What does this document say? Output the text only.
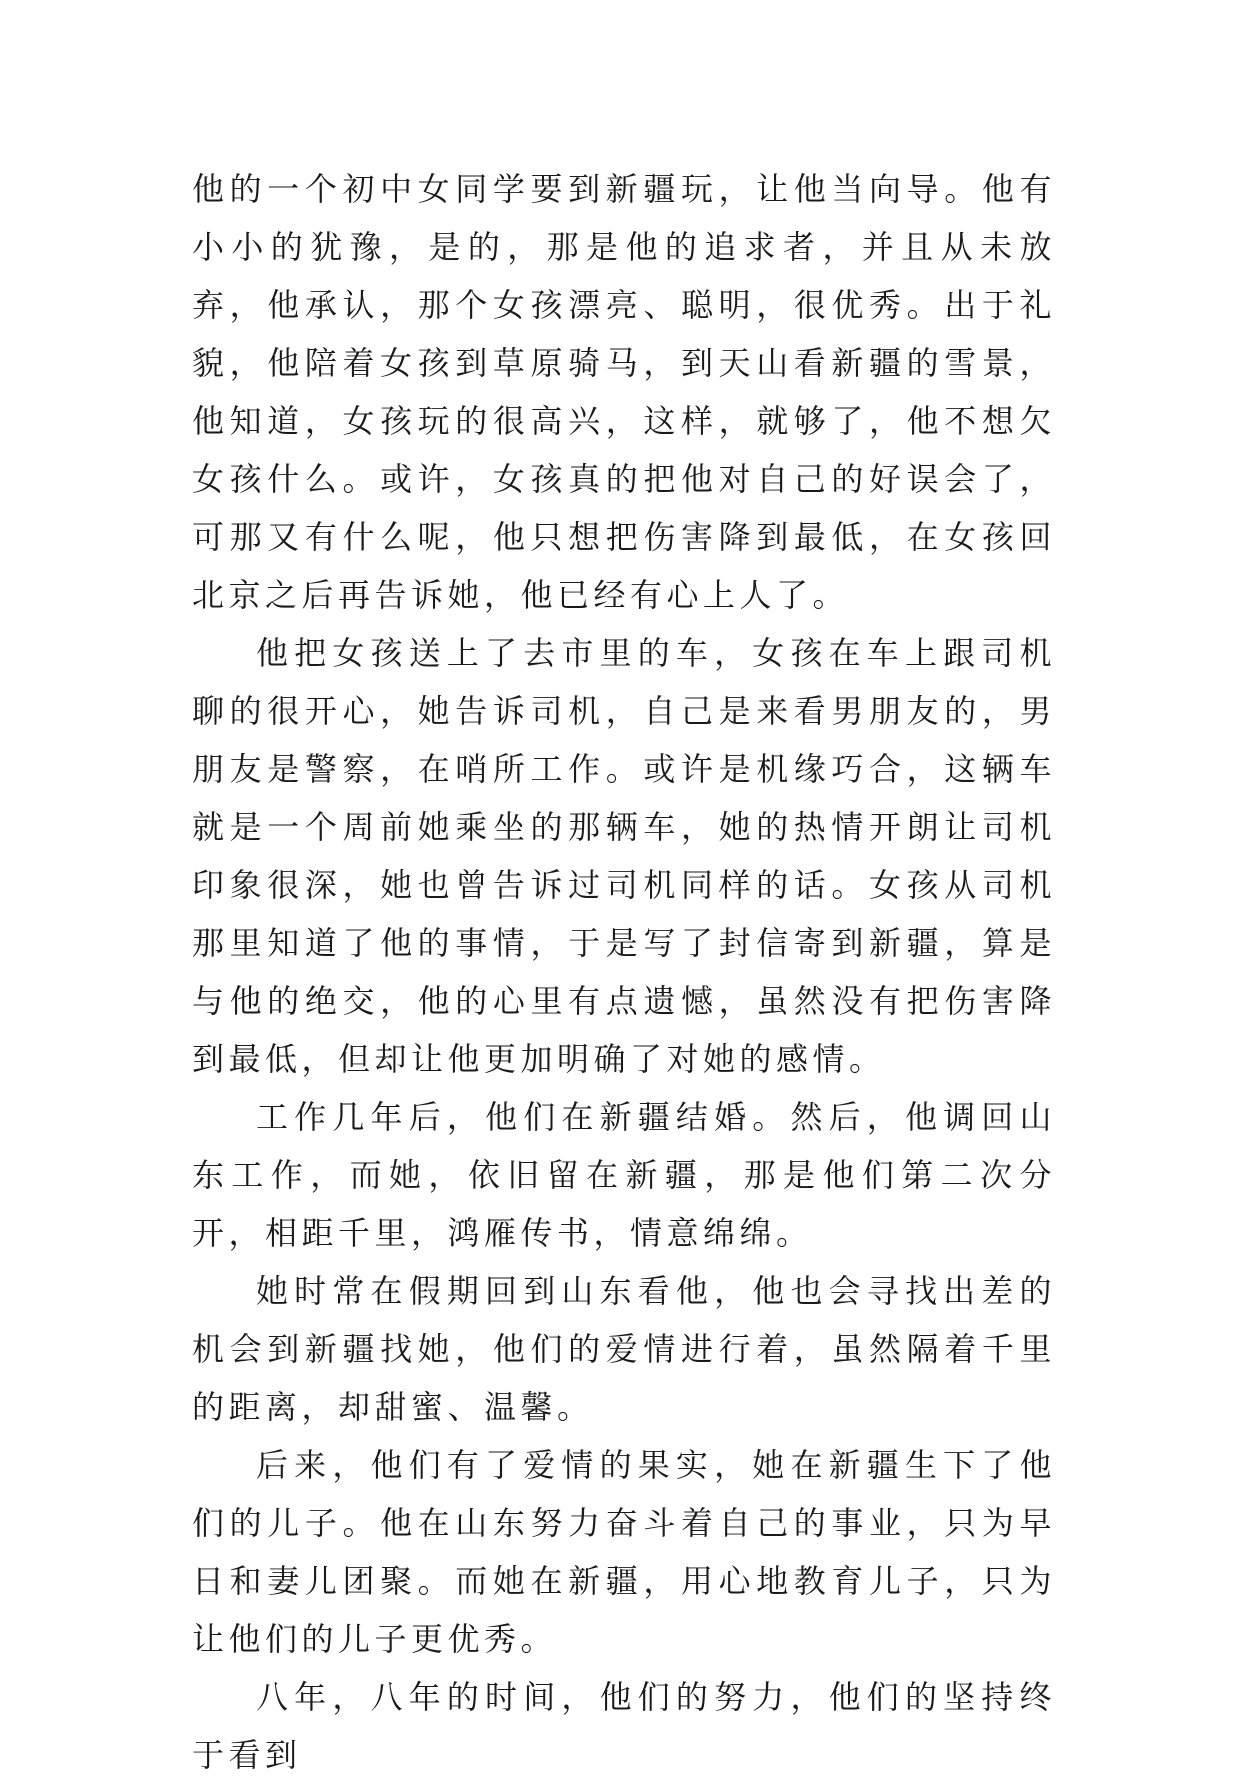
他的一个初中女同学要到新疆玩，让他当向导。他有小小的犹豫，是的，那是他的追求者，并且从未放弃，他承认，那个女孩漂亮、聪明，很优秀。出于礼貌，他陪着女孩到草原骑马，到天山看新疆的雪景，他知道，女孩玩的很高兴，这样，就够了，他不想欠女孩什么。或许，女孩真的把他对自己的好误会了，可那又有什么呢，他只想把伤害降到最低，在女孩回北京之后再告诉她，他已经有心上人了。

他把女孩送上了去市里的车，女孩在车上跟司机聊的很开心，她告诉司机，自己是来看男朋友的，男朋友是警察，在哨所工作。或许是机缘巧合，这辆车就是一个周前她乘坐的那辆车，她的热情开朗让司机印象很深，她也曾告诉过司机同样的话。女孩从司机那里知道了他的事情，于是写了封信寄到新疆，算是与他的绝交，他的心里有点遗憾，虽然没有把伤害降到最低，但却让他更加明确了对她的感情。

工作几年后，他们在新疆结婚。然后，他调回山东工作，而她，依旧留在新疆，那是他们第二次分开，相距千里，鸿雁传书，情意绵绵。

她时常在假期回到山东看他，他也会寻找出差的机会到新疆找她，他们的爱情进行着，虽然隔着千里的距离，却甜蜜、温馨。

后来，他们有了爱情的果实，她在新疆生下了他们的儿子。他在山东努力奋斗着自己的事业，只为早日和妻儿团聚。而她在新疆，用心地教育儿子，只为让他们的儿子更优秀。

八年，八年的时间，他们的努力，他们的坚持终于看到
